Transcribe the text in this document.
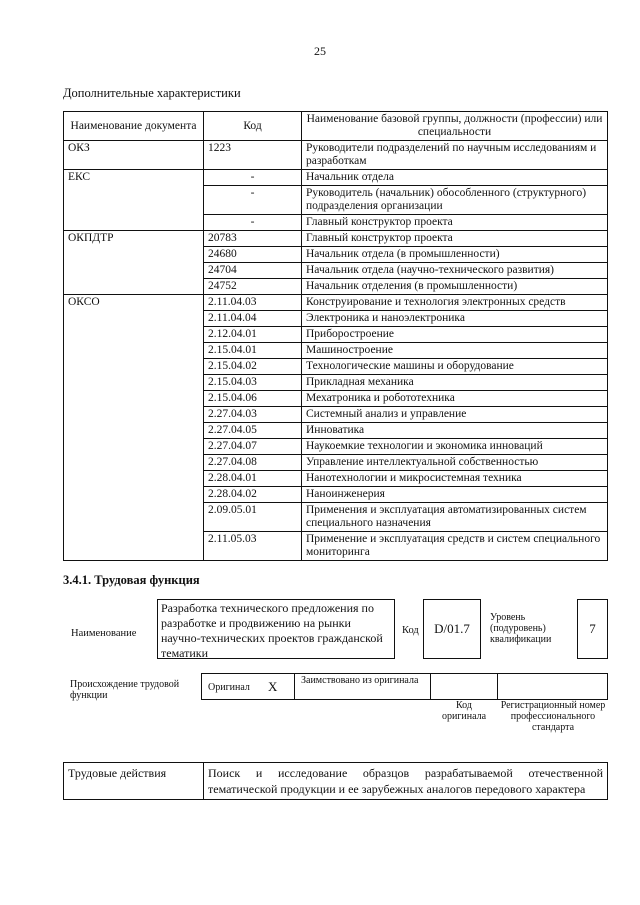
25
Дополнительные характеристики
Наименование документа	Код	Наименование базовой группы, должности (профессии) или специальности
ОКЗ	1223	Руководители подразделений по научным исследованиям и разработкам
ЕКС	-	Начальник отдела
	-	Руководитель (начальник) обособленного (структурного) подразделения организации
	-	Главный конструктор проекта
ОКПДТР	20783	Главный конструктор проекта
	24680	Начальник отдела (в промышленности)
	24704	Начальник отдела (научно-технического развития)
	24752	Начальник отделения (в промышленности)
ОКСО	2.11.04.03	Конструирование и технология электронных средств
	2.11.04.04	Электроника и наноэлектроника
	2.12.04.01	Приборостроение
	2.15.04.01	Машиностроение
	2.15.04.02	Технологические машины и оборудование
	2.15.04.03	Прикладная механика
	2.15.04.06	Мехатроника и робототехника
	2.27.04.03	Системный анализ и управление
	2.27.04.05	Инноватика
	2.27.04.07	Наукоемкие технологии и экономика инноваций
	2.27.04.08	Управление интеллектуальной собственностью
	2.28.04.01	Нанотехнологии и микросистемная техника
	2.28.04.02	Наноинженерия
	2.09.05.01	Применения и эксплуатация автоматизированных систем специального назначения
	2.11.05.03	Применение и эксплуатация средств и систем специального мониторинга
3.4.1. Трудовая функция
Наименование
Разработка технического предложения по разработке и продвижению на рынки научно-технических проектов гражданской тематики
Код	D/01.7
Уровень (подуровень) квалификации
7
Происхождение трудовой функции
Оригинал X Заимствовано из оригинала
Код оригинала
Регистрационный номер профессионального стандарта
Трудовые действия	Поиск и исследование образцов разрабатываемой отечественной тематической продукции и ее зарубежных аналогов передового характера
